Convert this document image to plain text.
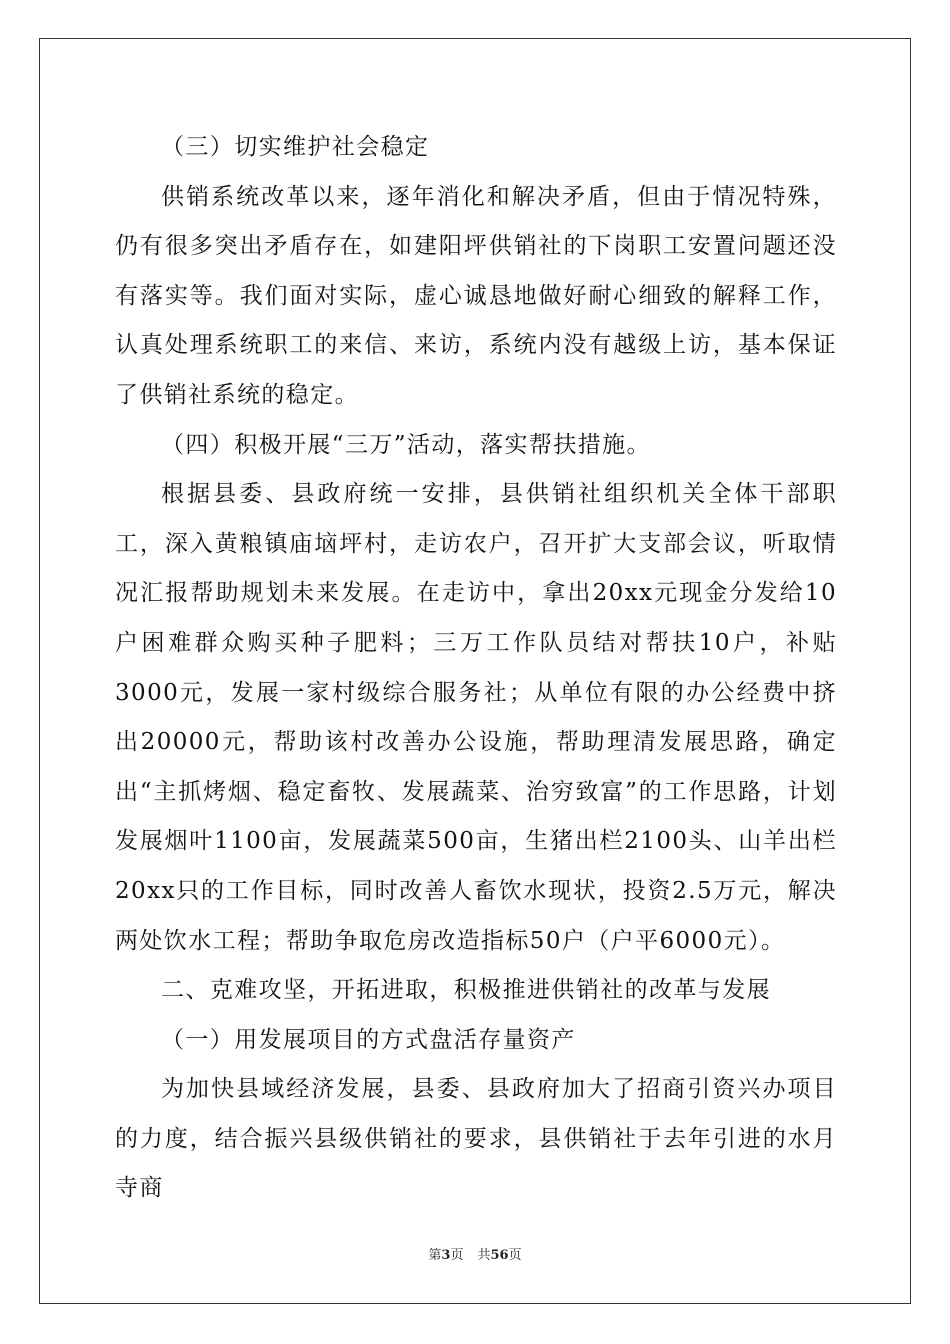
（三）切实维护社会稳定

供销系统改革以来，逐年消化和解决矛盾，但由于情况特殊，仍有很多突出矛盾存在，如建阳坪供销社的下岗职工安置问题还没有落实等。我们面对实际，虚心诚恳地做好耐心细致的解释工作，认真处理系统职工的来信、来访，系统内没有越级上访，基本保证了供销社系统的稳定。

（四）积极开展“三万”活动，落实帮扶措施。

根据县委、县政府统一安排，县供销社组织机关全体干部职工，深入黄粮镇庙垴坪村，走访农户，召开扩大支部会议，听取情况汇报帮助规划未来发展。在走访中，拿出20xx元现金分发给10户困难群众购买种子肥料；三万工作队员结对帮扶10户，补贴3000元，发展一家村级综合服务社；从单位有限的办公经费中挤出20000元，帮助该村改善办公设施，帮助理清发展思路，确定出“主抓烤烟、稳定畜牧、发展蔬菜、治穷致富”的工作思路，计划发展烟叶1100亩，发展蔬菜500亩，生猪出栏2100头、山羊出栏20xx只的工作目标，同时改善人畜饮水现状，投资2.5万元，解决两处饮水工程；帮助争取危房改造指标50户（户平6000元）。

二、克难攻坚，开拓进取，积极推进供销社的改革与发展

（一）用发展项目的方式盘活存量资产

为加快县域经济发展，县委、县政府加大了招商引资兴办项目的力度，结合振兴县级供销社的要求，县供销社于去年引进的水月寺商

第3页 共56页
